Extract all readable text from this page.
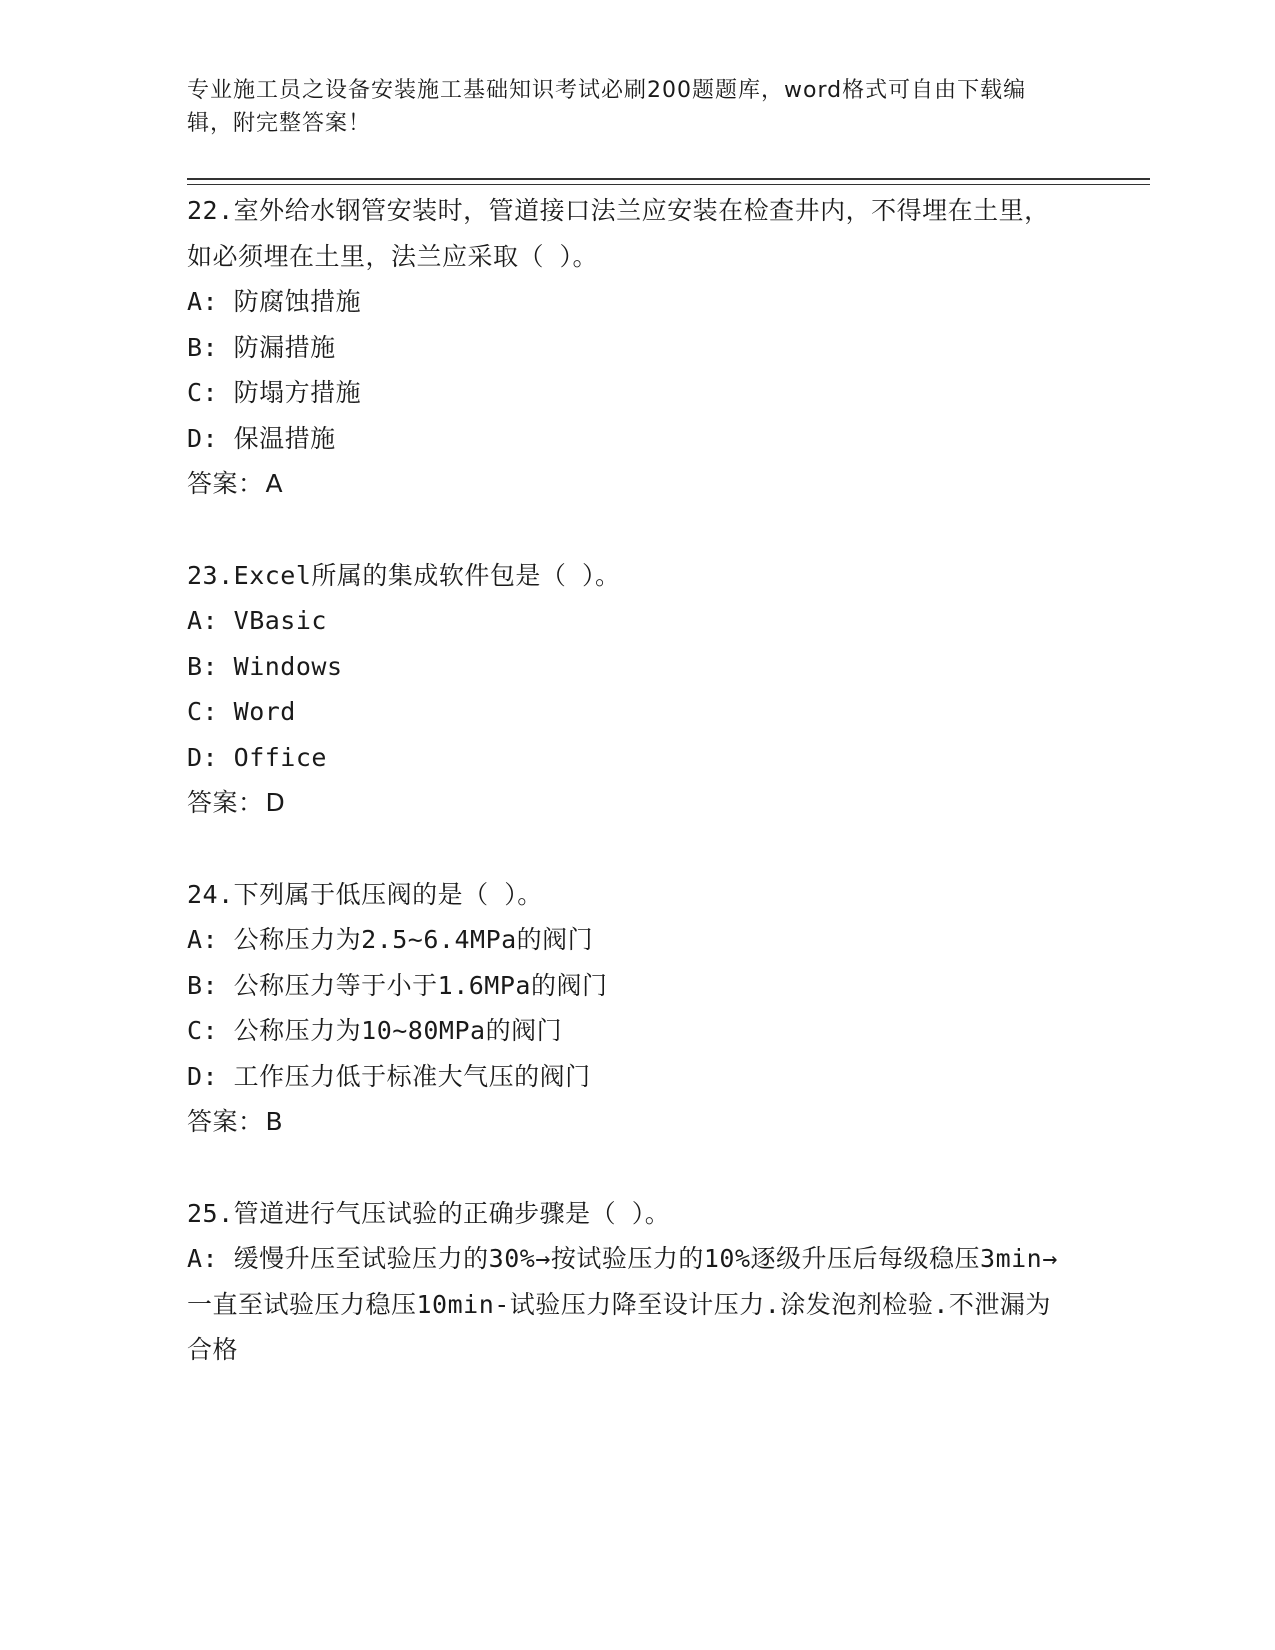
专业施工员之设备安装施工基础知识考试必刷200题题库，word格式可自由下载编辑，附完整答案！

22.室外给水钢管安装时，管道接口法兰应安装在检查井内，不得埋在土里，如必须埋在土里，法兰应采取（ ）。

A: 防腐蚀措施

B: 防漏措施

C: 防塌方措施

D: 保温措施

答案：A

23.Excel所属的集成软件包是（ ）。

A: VBasic

B: Windows

C: Word

D: Office

答案：D

24.下列属于低压阀的是（ ）。

A: 公称压力为2.5~6.4MPa的阀门

B: 公称压力等于小于1.6MPa的阀门

C: 公称压力为10~80MPa的阀门

D: 工作压力低于标准大气压的阀门

答案：B

25.管道进行气压试验的正确步骤是（ ）。

A: 缓慢升压至试验压力的30%→按试验压力的10%逐级升压后每级稳压3min→一直至试验压力稳压10min-试验压力降至设计压力.涂发泡剂检验.不泄漏为合格
